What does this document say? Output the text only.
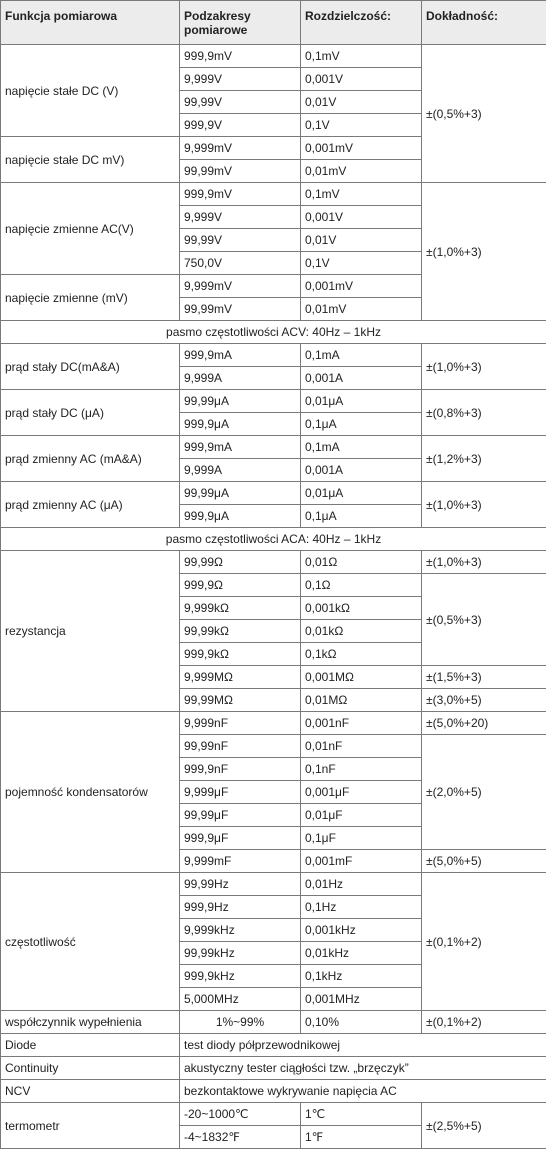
Funkcja pomiarowa	Podzakresy pomiarowe	Rozdzielczość:	Dokładność:
napięcie stałe DC (V)	999,9mV	0,1mV	±(0,5%+3)
	9,999V	0,001V	
	99,99V	0,01V	
	999,9V	0,1V	
napięcie stałe DC mV)	9,999mV	0,001mV	
	99,99mV	0,01mV	
napięcie zmienne AC(V)	999,9mV	0,1mV	±(1,0%+3)
	9,999V	0,001V	
	99,99V	0,01V	
	750,0V	0,1V	
napięcie zmienne (mV)	9,999mV	0,001mV	
	99,99mV	0,01mV	
pasmo częstotliwości ACV: 40Hz – 1kHz			
prąd stały DC(mA&A)	999,9mA	0,1mA	±(1,0%+3)
	9,999A	0,001A	
prąd stały DC (μA)	99,99μA	0,01μA	±(0,8%+3)
	999,9μA	0,1μA	
prąd zmienny AC (mA&A)	999,9mA	0,1mA	±(1,2%+3)
	9,999A	0,001A	
prąd zmienny AC (μA)	99,99μA	0,01μA	±(1,0%+3)
	999,9μA	0,1μA	
pasmo częstotliwości ACA: 40Hz – 1kHz			
rezystancja	99,99Ω	0,01Ω	±(1,0%+3)
	999,9Ω	0,1Ω	±(0,5%+3)
	9,999kΩ	0,001kΩ	
	99,99kΩ	0,01kΩ	
	999,9kΩ	0,1kΩ	
	9,999MΩ	0,001MΩ	±(1,5%+3)
	99,99MΩ	0,01MΩ	±(3,0%+5)
pojemność kondensatorów	9,999nF	0,001nF	±(5,0%+20)
	99,99nF	0,01nF	±(2,0%+5)
	999,9nF	0,1nF	
	9,999μF	0,001μF	
	99,99μF	0,01μF	
	999,9μF	0,1μF	
	9,999mF	0,001mF	±(5,0%+5)
częstotliwość	99,99Hz	0,01Hz	±(0,1%+2)
	999,9Hz	0,1Hz	
	9,999kHz	0,001kHz	
	99,99kHz	0,01kHz	
	999,9kHz	0,1kHz	
	5,000MHz	0,001MHz	
współczynnik wypełnienia	1%~99%	0,10%	±(0,1%+2)
Diode	test diody półprzewodnikowej		
Continuity	akustyczny tester ciągłości tzw. „brzęczyk”		
NCV	bezkontaktowe wykrywanie napięcia AC		
termometr	-20~1000℃	1℃	±(2,5%+5)
	-4~1832℉	1℉	
